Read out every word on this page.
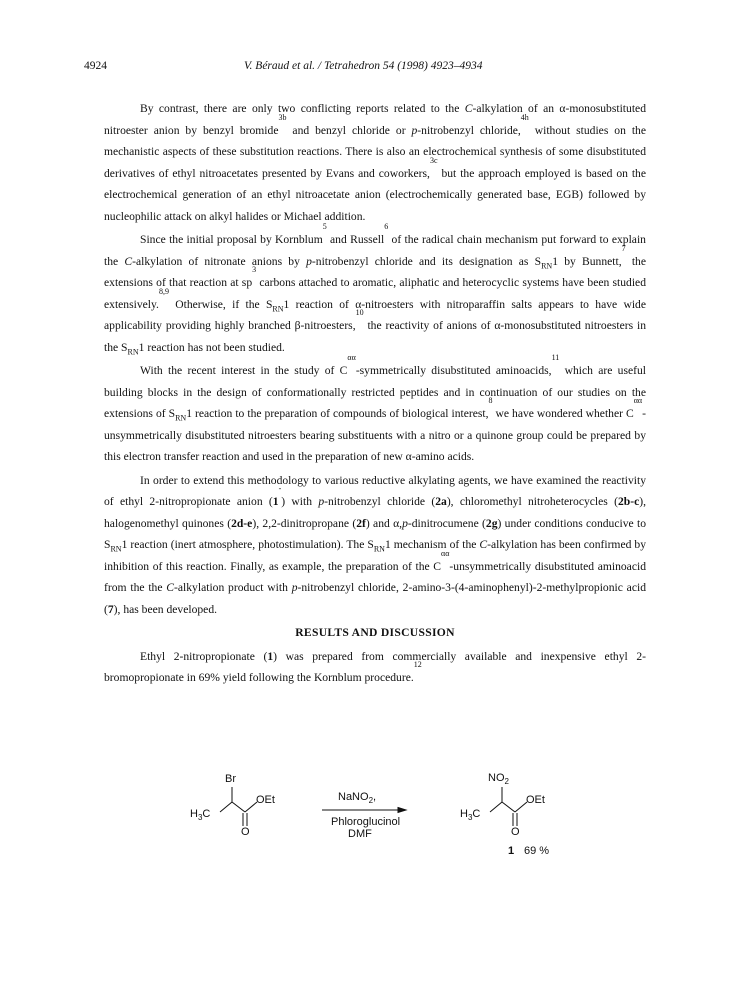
4924	V. Béraud et al. / Tetrahedron 54 (1998) 4923–4934

By contrast, there are only two conflicting reports related to the C-alkylation of an α-monosubstituted nitroester anion by benzyl bromide$^{3b}$ and benzyl chloride or p-nitrobenzyl chloride,$^{4h}$ without studies on the mechanistic aspects of these substitution reactions. There is also an electrochemical synthesis of some disubstituted derivatives of ethyl nitroacetates presented by Evans and coworkers,$^{3c}$ but the approach employed is based on the electrochemical generation of an ethyl nitroacetate anion (electrochemically generated base, EGB) followed by nucleophilic attack on alkyl halides or Michael addition.

Since the initial proposal by Kornblum$^5$ and Russell$^6$ of the radical chain mechanism put forward to explain the C-alkylation of nitronate anions by p-nitrobenzyl chloride and its designation as $S_{RN}1$ by Bunnett,$^7$ the extensions of that reaction at $sp^3$ carbons attached to aromatic, aliphatic and heterocyclic systems have been studied extensively.$^{8,9}$ Otherwise, if the $S_{RN}1$ reaction of α-nitroesters with nitroparaffin salts appears to have wide applicability providing highly branched β-nitroesters,$^{10}$ the reactivity of anions of α-monosubstituted nitroesters in the $S_{RN}1$ reaction has not been studied.

With the recent interest in the study of $C^{\alpha\alpha}$-symmetrically disubstituted aminoacids,$^{11}$ which are useful building blocks in the design of conformationally restricted peptides and in continuation of our studies on the extensions of $S_{RN}1$ reaction to the preparation of compounds of biological interest,$^8$ we have wondered whether $C^{\alpha\alpha}$-unsymmetrically disubstituted nitroesters bearing substituents with a nitro or a quinone group could be prepared by this electron transfer reaction and used in the preparation of new α-amino acids.

In order to extend this methodology to various reductive alkylating agents, we have examined the reactivity of ethyl 2-nitropropionate anion (1-) with p-nitrobenzyl chloride (2a), chloromethyl nitroheterocycles (2b-c), halogenomethyl quinones (2d-e), 2,2-dinitropropane (2f) and α,p-dinitrocumene (2g) under conditions conducive to $S_{RN}1$ reaction (inert atmosphere, photostimulation). The $S_{RN}1$ mechanism of the C-alkylation has been confirmed by inhibition of this reaction. Finally, as example, the preparation of the $C^{\alpha\alpha}$-unsymmetrically disubstituted aminoacid from the the C-alkylation product with p-nitrobenzyl chloride, 2-amino-3-(4-aminophenyl)-2-methylpropionic acid (7), has been developed.

RESULTS AND DISCUSSION

Ethyl 2-nitropropionate (1) was prepared from commercially available and inexpensive ethyl 2-bromopropionate in 69% yield following the Kornblum procedure.$^{12}$

Br
$H_3C$
OEt
O
NaNO$_2$,
Phloroglucinol
DMF
$NO_2$
$H_3C$
OEt
O
1 69 %
